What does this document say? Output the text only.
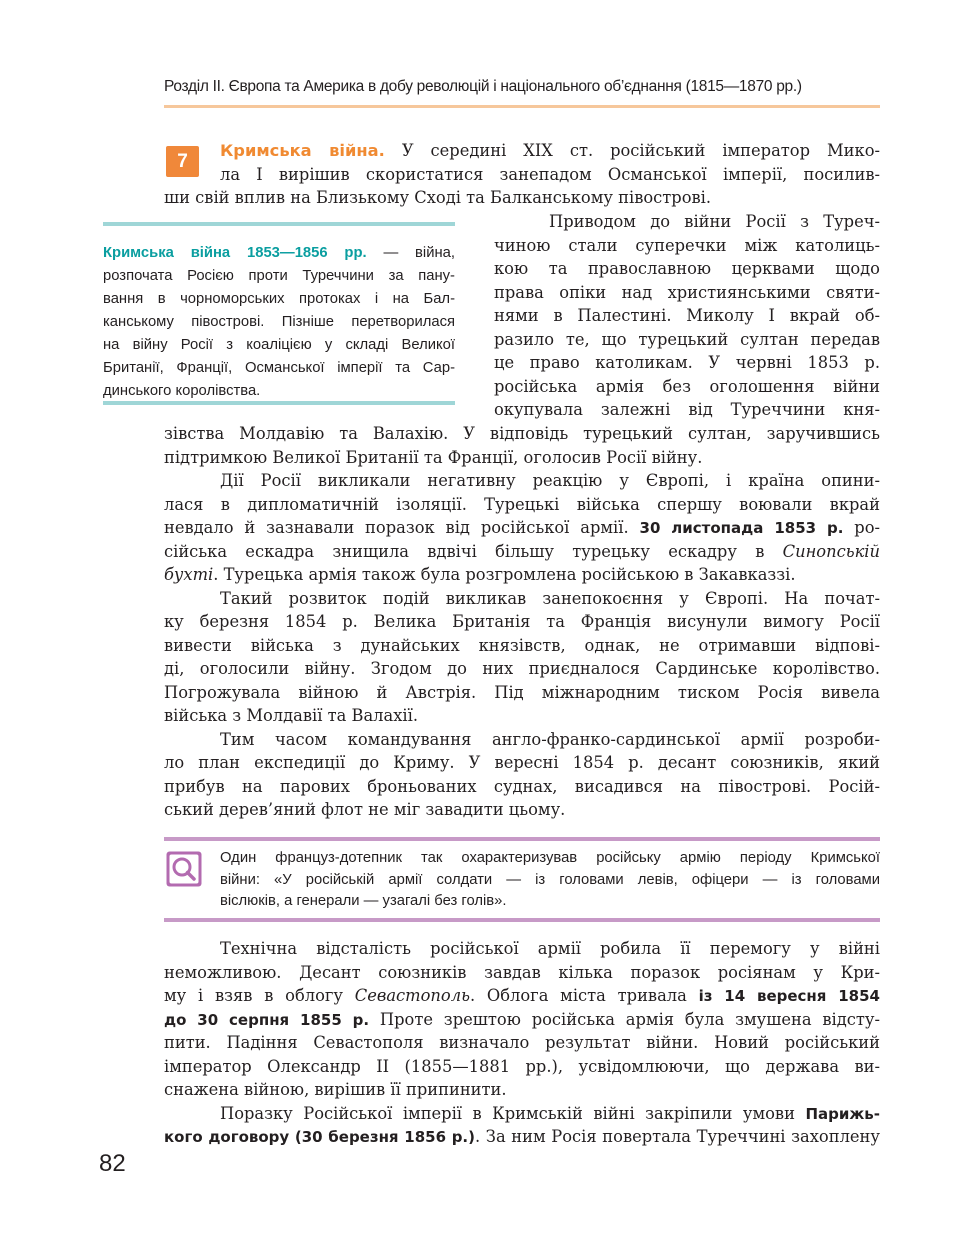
Розділ ІІ. Європа та Америка в добу революцій і національного об’єднання (1815—1870 рр.)
7
Кримська війна. У середині XIX ст. російський імператор Мико-
ла I вирішив скористатися занепадом Османської імперії, посилив-
ши свій вплив на Близькому Сході та Балканському півострові.
Кримська війна 1853—1856 рр. — війна,
розпочата Росією проти Туреччини за пану-
вання в чорноморських протоках і на Бал-
канському півострові. Пізніше перетворилася
на війну Росії з коаліцією у складі Великої
Британії, Франції, Османської імперії та Сар-
динського королівства.
Приводом до війни Росії з Туреч-
чиною стали суперечки між католиць-
кою та православною церквами щодо
права опіки над християнськими святи-
нями в Палестині. Миколу I вкрай об-
разило те, що турецький султан передав
це право католикам. У червні 1853 р.
російська армія без оголошення війни
окупувала залежні від Туреччини кня-
зівства Молдавію та Валахію. У відповідь турецький султан, заручившись
підтримкою Великої Британії та Франції, оголосив Росії війну.
Дії Росії викликали негативну реакцію у Європі, і країна опини-
лася в дипломатичній ізоляції. Турецькі війська спершу воювали вкрай
невдало й зазнавали поразок від російської армії. 30 листопада 1853 р. ро-
сійська ескадра знищила вдвічі більшу турецьку ескадру в Синопській
бухті. Турецька армія також була розгромлена російською в Закавказзі.
Такий розвиток подій викликав занепокоєння у Європі. На почат-
ку березня 1854 р. Велика Британія та Франція висунули вимогу Росії
вивести війська з дунайських князівств, однак, не отримавши відпові-
ді, оголосили війну. Згодом до них приєдналося Сардинське королівство.
Погрожувала війною й Австрія. Під міжнародним тиском Росія вивела
війська з Молдавії та Валахії.
Тим часом командування англо-франко-сардинської армії розроби-
ло план експедиції до Криму. У вересні 1854 р. десант союзників, який
прибув на парових броньованих суднах, висадився на півострові. Росій-
ський дерев’яний флот не міг завадити цьому.
Один француз-дотепник так охарактеризував російську армію періоду Кримської
війни: «У російській армії солдати — із головами левів, офіцери — із головами
віслюків, а генерали — узагалі без голів».
Технічна відсталість російської армії робила її перемогу у війні
неможливою. Десант союзників завдав кілька поразок росіянам у Кри-
му і взяв в облогу Севастополь. Облога міста тривала із 14 вересня 1854
до 30 серпня 1855 р. Проте зрештою російська армія була змушена відсту-
пити. Падіння Севастополя визначало результат війни. Новий російський
імператор Олександр II (1855—1881 рр.), усвідомлюючи, що держава ви-
снажена війною, вирішив її припинити.
Поразку Російської імперії в Кримській війні закріпили умови Парижь-
кого договору (30 березня 1856 р.). За ним Росія повертала Туреччині захоплену
82
